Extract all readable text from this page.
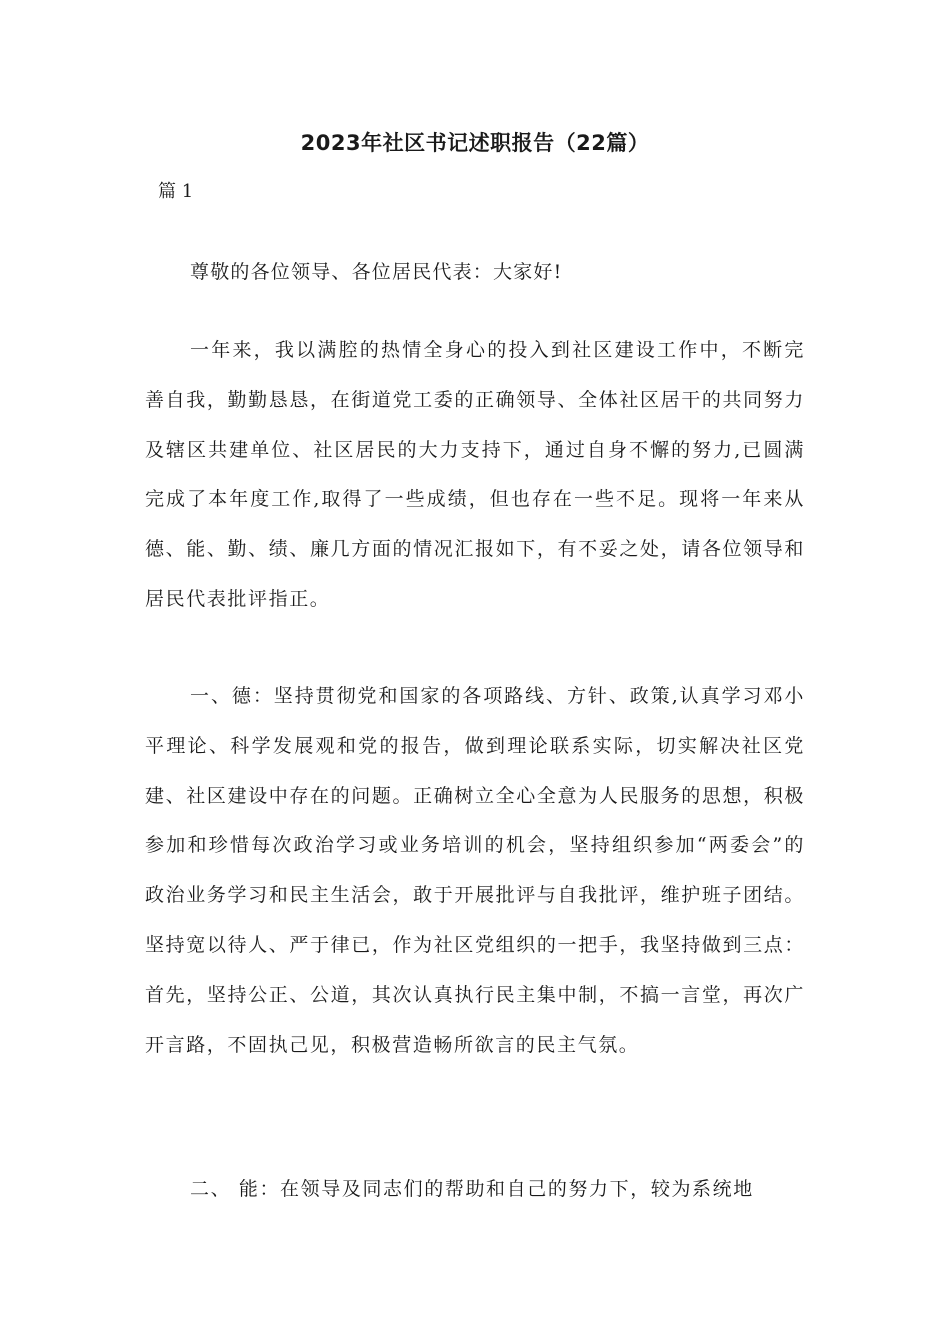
2023年社区书记述职报告（22篇）
篇 1

尊敬的各位领导、各位居民代表：大家好!

一年来，我以满腔的热情全身心的投入到社区建设工作中，不断完善自我，勤勤恳恳，在街道党工委的正确领导、全体社区居干的共同努力及辖区共建单位、社区居民的大力支持下，通过自身不懈的努力,已圆满完成了本年度工作,取得了一些成绩，但也存在一些不足。现将一年来从德、能、勤、绩、廉几方面的情况汇报如下，有不妥之处，请各位领导和居民代表批评指正。

一、德：坚持贯彻党和国家的各项路线、方针、政策,认真学习邓小平理论、科学发展观和党的报告，做到理论联系实际，切实解决社区党建、社区建设中存在的问题。正确树立全心全意为人民服务的思想，积极参加和珍惜每次政治学习或业务培训的机会，坚持组织参加“两委会”的政治业务学习和民主生活会，敢于开展批评与自我批评，维护班子团结。坚持宽以待人、严于律已，作为社区党组织的一把手，我坚持做到三点：首先，坚持公正、公道，其次认真执行民主集中制，不搞一言堂，再次广开言路，不固执己见，积极营造畅所欲言的民主气氛。

二、 能：在领导及同志们的帮助和自己的努力下，较为系统地
